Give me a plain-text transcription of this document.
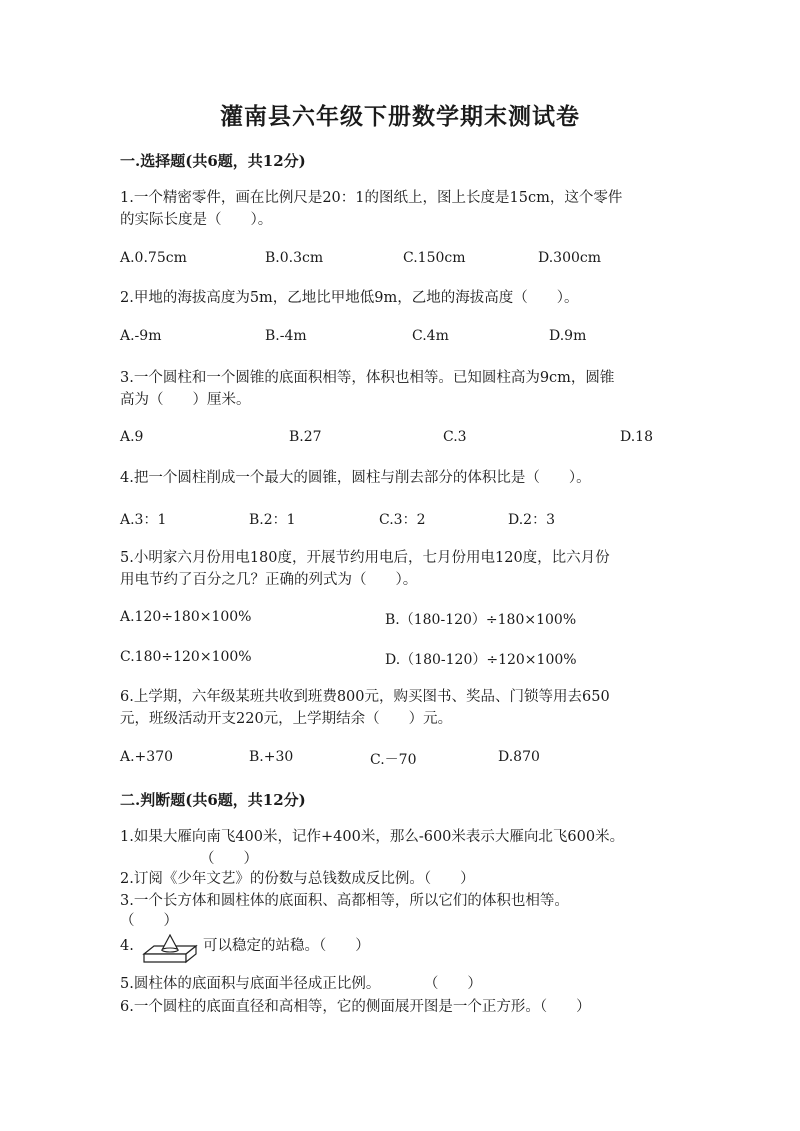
灌南县六年级下册数学期末测试卷
一.选择题(共6题，共12分)
1.一个精密零件，画在比例尺是20：1的图纸上，图上长度是15cm，这个零件
的实际长度是（　　）。
A.0.75cm	B.0.3cm	C.150cm	D.300cm
2.甲地的海拔高度为5m，乙地比甲地低9m，乙地的海拔高度（　　）。
A.-9m	B.-4m	C.4m	D.9m
3.一个圆柱和一个圆锥的底面积相等，体积也相等。已知圆柱高为9cm，圆锥
高为（　　）厘米。
A.9	B.27	C.3	D.18
4.把一个圆柱削成一个最大的圆锥，圆柱与削去部分的体积比是（　　）。
A.3：1	B.2：1	C.3：2	D.2：3
5.小明家六月份用电180度，开展节约用电后，七月份用电120度，比六月份
用电节约了百分之几？正确的列式为（　　）。
A.120÷180×100%	B.（180-120）÷180×100%
C.180÷120×100%	D.（180-120）÷120×100%
6.上学期，六年级某班共收到班费800元，购买图书、奖品、门锁等用去650
元，班级活动开支220元，上学期结余（　　）元。
A.+370	B.+30	C.－70	D.870
二.判断题(共6题，共12分)
1.如果大雁向南飞400米，记作+400米，那么-600米表示大雁向北飞600米。
（　　）
2.订阅《少年文艺》的份数与总钱数成反比例。（　　）
3.一个长方体和圆柱体的底面积、高都相等，所以它们的体积也相等。
（　　）
4.	可以稳定的站稳。（　　）
5.圆柱体的底面积与底面半径成正比例。　　　　（　　）
6.一个圆柱的底面直径和高相等，它的侧面展开图是一个正方形。（　　）
